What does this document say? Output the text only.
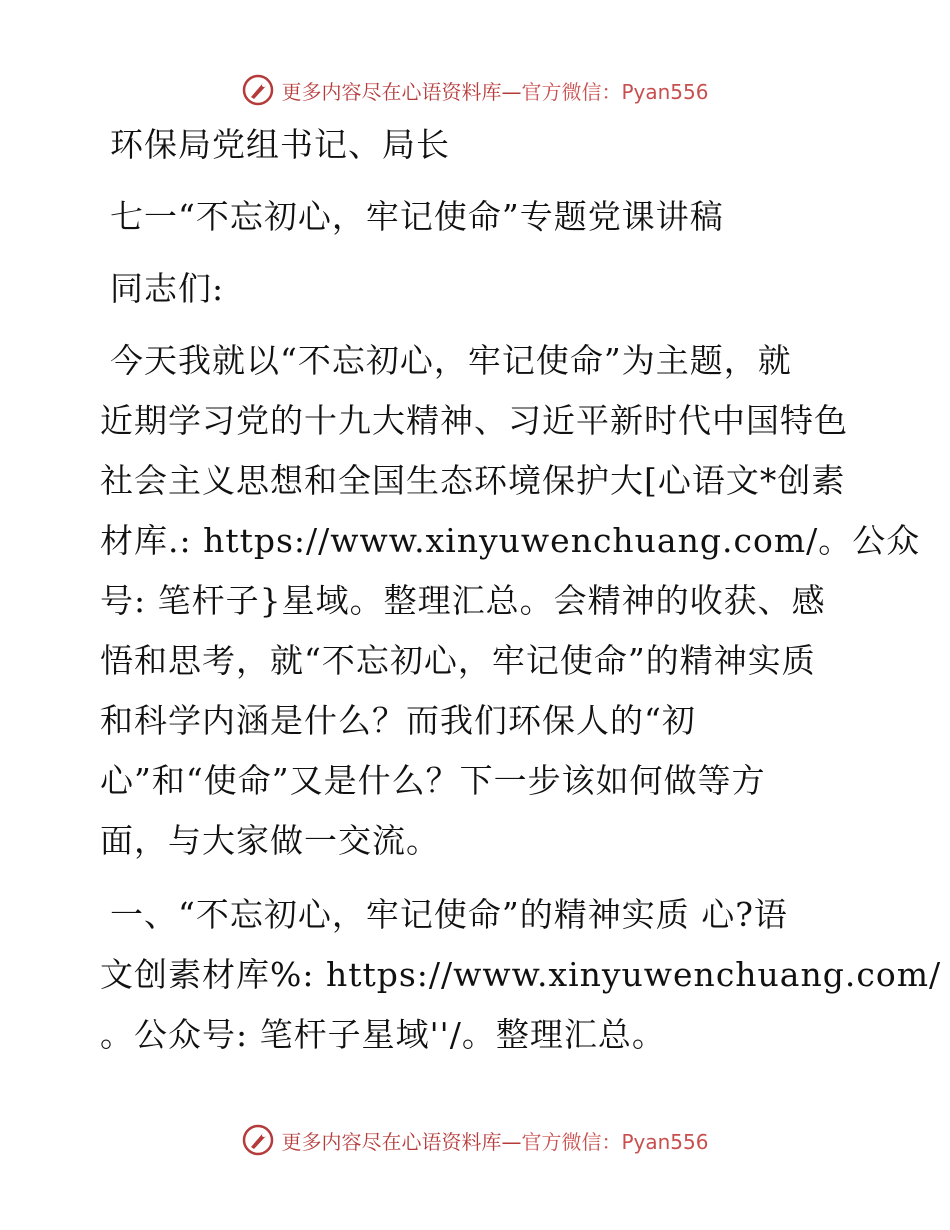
更多内容尽在心语资料库—官方微信：Pyan556
环保局党组书记、局长
七一“不忘初心，牢记使命”专题党课讲稿
同志们:
今天我就以“不忘初心，牢记使命”为主题，就
近期学习党的十九大精神、习近平新时代中国特色
社会主义思想和全国生态环境保护大[心语文*创素
材库.: https://www.xinyuwenchuang.com/。公众
号: 笔杆子}星域。整理汇总。会精神的收获、感
悟和思考，就“不忘初心，牢记使命”的精神实质
和科学内涵是什么？而我们环保人的“初
心”和“使命”又是什么？下一步该如何做等方
面，与大家做一交流。
一、“不忘初心，牢记使命”的精神实质 心?语
文创素材库%: https://www.xinyuwenchuang.com/
。公众号: 笔杆子星域''/。整理汇总。
更多内容尽在心语资料库—官方微信：Pyan556
